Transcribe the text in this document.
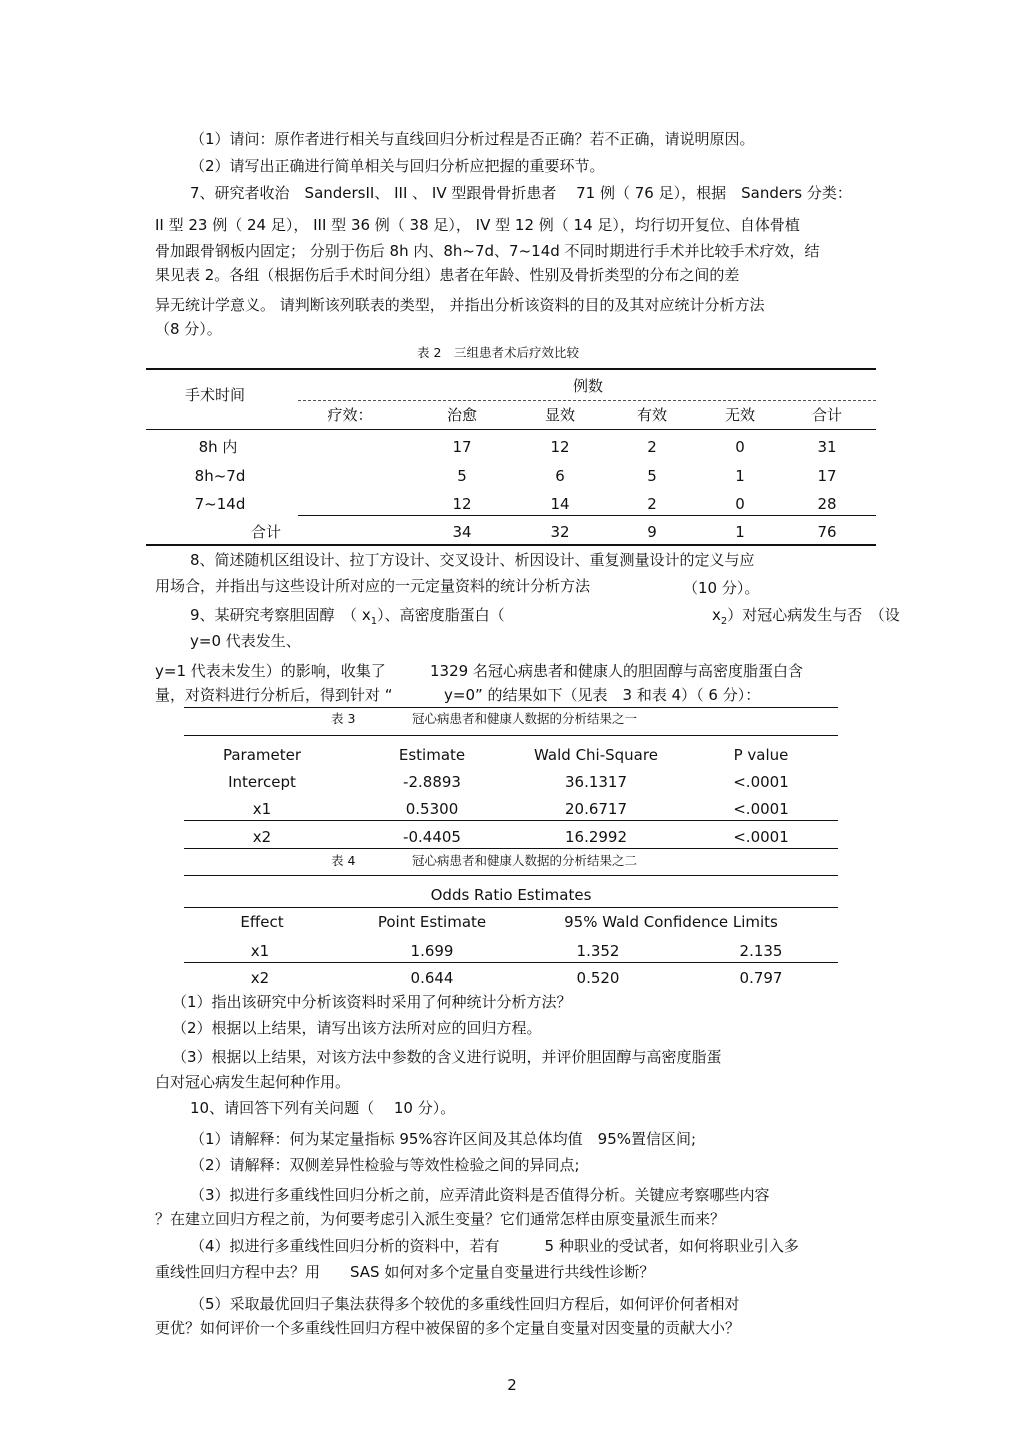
（1）请问：原作者进行相关与直线回归分析过程是否正确？若不正确，请说明原因。
（2）请写出正确进行简单相关与回归分析应把握的重要环节。
7、研究者收治　SandersII、 III 、 IV 型跟骨骨折患者　 71 例（ 76 足），根据　Sanders 分类：
II 型 23 例（ 24 足）， III 型 36 例（ 38 足）， IV 型 12 例（ 14 足），均行切开复位、自体骨植
骨加跟骨钢板内固定； 分别于伤后 8h 内、8h~7d、7~14d 不同时期进行手术并比较手术疗效，结
果见表 2。各组（根据伤后手术时间分组）患者在年龄、性别及骨折类型的分布之间的差
异无统计学意义。 请判断该列联表的类型， 并指出分析该资料的目的及其对应统计分析方法
（8 分）。
表 2　三组患者术后疗效比较
手术时间	例数
疗效：	治愈	显效	有效	无效	合计
8h 内	17	12	2	0	31
8h~7d	5	6	5	1	17
7~14d	12	14	2	0	28
合计	34	32	9	1	76
8、简述随机区组设计、拉丁方设计、交叉设计、析因设计、重复测量设计的定义与应
用场合，并指出与这些设计所对应的一元定量资料的统计分析方法	（10 分）。
9、某研究考察胆固醇　（ $x_1$）、高密度脂蛋白（	$x_2$）对冠心病发生与否　（设
y=0 代表发生、
y=1 代表未发生）的影响，收集了	1329 名冠心病患者和健康人的胆固醇与高密度脂蛋白含
量，对资料进行分析后，得到针对 “	y=0” 的结果如下（见表　3 和表 4）（ 6 分）：
表 3	冠心病患者和健康人数据的分析结果之一
Parameter	Estimate	Wald Chi-Square	P value
Intercept	-2.8893	36.1317	<.0001
x1	0.5300	20.6717	<.0001
x2	-0.4405	16.2992	<.0001
表 4	冠心病患者和健康人数据的分析结果之二
Odds Ratio Estimates
Effect	Point Estimate	95% Wald Confidence Limits
x1	1.699	1.352	2.135
x2	0.644	0.520	0.797
（1）指出该研究中分析该资料时采用了何种统计分析方法？
（2）根据以上结果，请写出该方法所对应的回归方程。
（3）根据以上结果，对该方法中参数的含义进行说明，并评价胆固醇与高密度脂蛋
白对冠心病发生起何种作用。
10、请回答下列有关问题（　 10 分）。
（1）请解释：何为某定量指标 95%容许区间及其总体均值　95%置信区间;
（2）请解释：双侧差异性检验与等效性检验之间的异同点;
（3）拟进行多重线性回归分析之前，应弄清此资料是否值得分析。关键应考察哪些内容
？在建立回归方程之前，为何要考虑引入派生变量？它们通常怎样由原变量派生而来？
（4）拟进行多重线性回归分析的资料中，若有　　　5 种职业的受试者，如何将职业引入多
重线性回归方程中去？用　　SAS 如何对多个定量自变量进行共线性诊断？
（5）采取最优回归子集法获得多个较优的多重线性回归方程后，如何评价何者相对
更优？如何评价一个多重线性回归方程中被保留的多个定量自变量对因变量的贡献大小？
2
